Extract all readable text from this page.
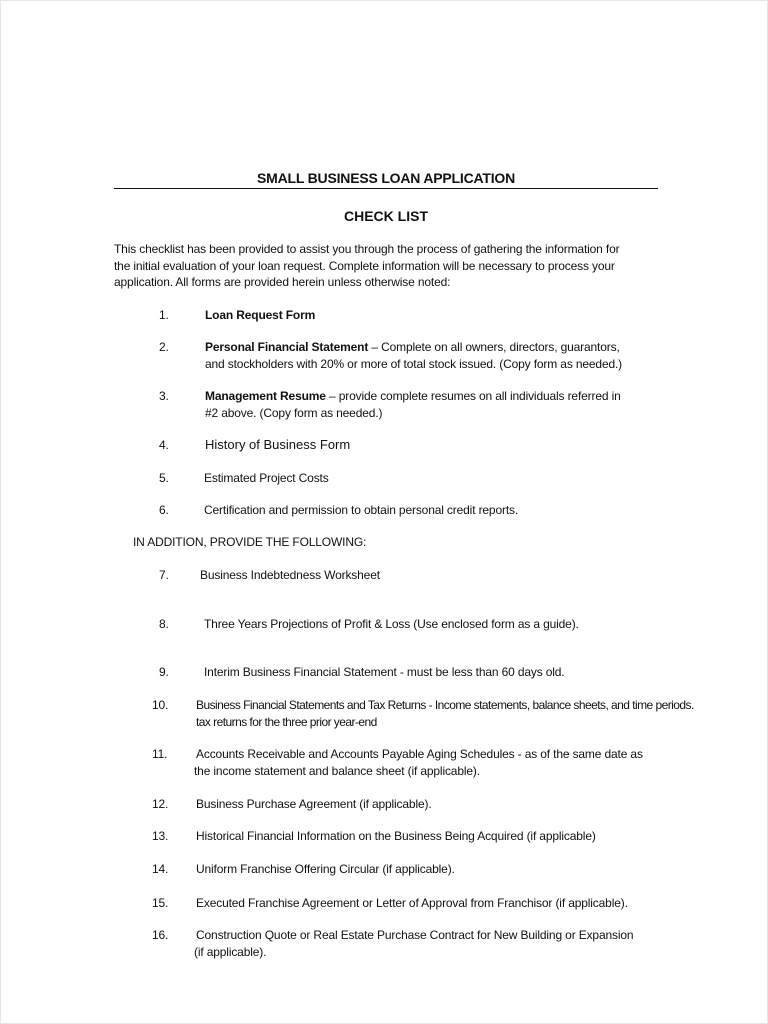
SMALL BUSINESS LOAN APPLICATION
CHECK LIST
This checklist has been provided to assist you through the process of gathering the information for
the initial evaluation of your loan request. Complete information will be necessary to process your
application. All forms are provided herein unless otherwise noted:
1.	Loan Request Form
2.	Personal Financial Statement – Complete on all owners, directors, guarantors,
and stockholders with 20% or more of total stock issued. (Copy form as needed.)
3.	Management Resume – provide complete resumes on all individuals referred in
#2 above. (Copy form as needed.)
4.	History of Business Form
5.	Estimated Project Costs
6.	Certification and permission to obtain personal credit reports.
IN ADDITION, PROVIDE THE FOLLOWING:
7.	Business Indebtedness Worksheet
8.	Three Years Projections of Profit & Loss (Use enclosed form as a guide).
9.	Interim Business Financial Statement - must be less than 60 days old.
10. Business Financial Statements and Tax Returns - Income statements, balance sheets, and time periods.
tax returns for the three prior year-end
11. Accounts Receivable and Accounts Payable Aging Schedules - as of the same date as
the income statement and balance sheet (if applicable).
12. Business Purchase Agreement (if applicable).
13. Historical Financial Information on the Business Being Acquired (if applicable)
14. Uniform Franchise Offering Circular (if applicable).
15. Executed Franchise Agreement or Letter of Approval from Franchisor (if applicable).
16. Construction Quote or Real Estate Purchase Contract for New Building or Expansion
(if applicable).
